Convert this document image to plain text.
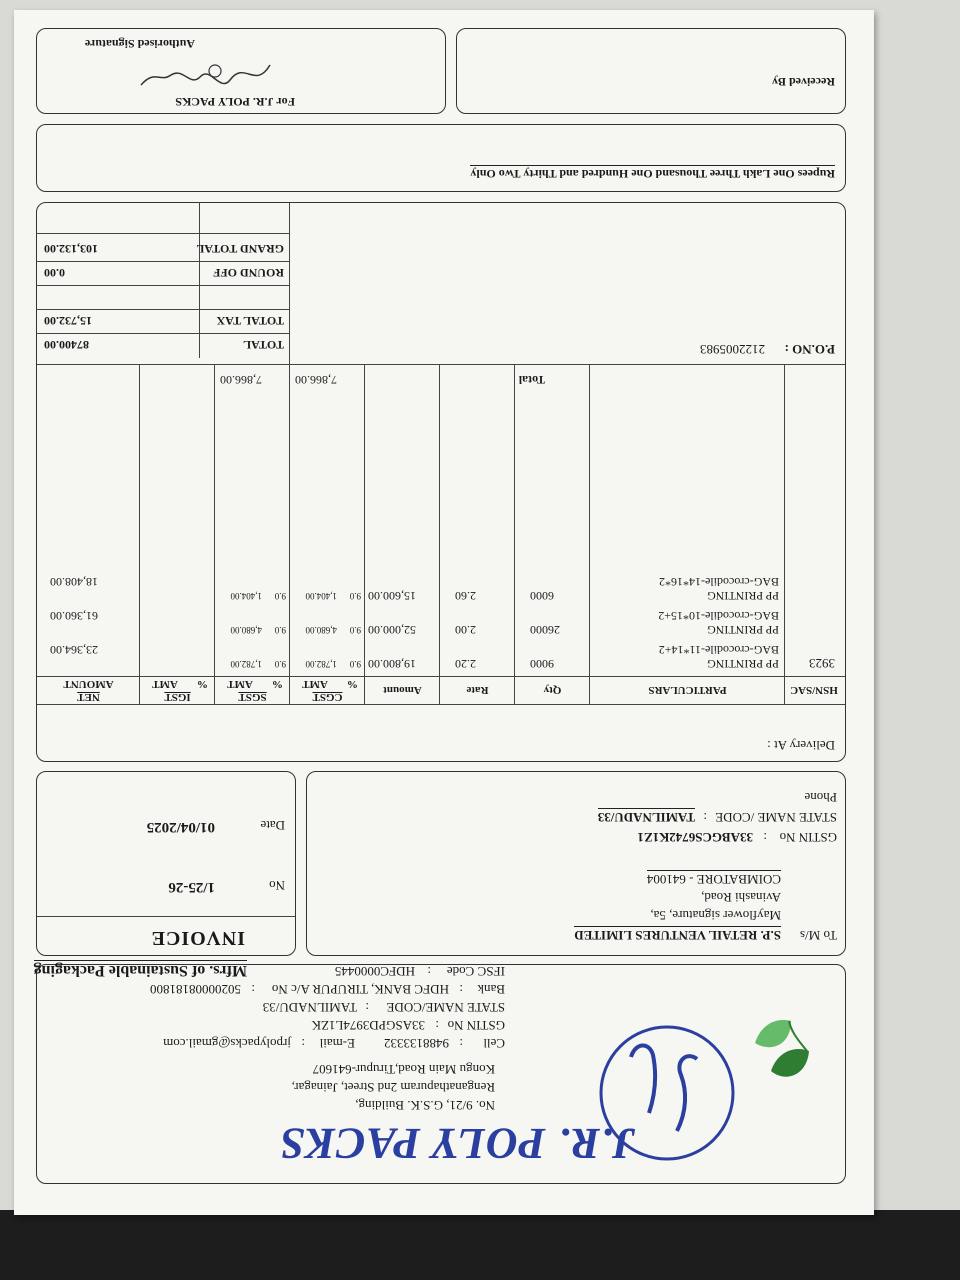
J.R. POLY PACKS
No. 9/21, G.S.K. Building,
Renganathapuram 2nd Street, Jainagar,
Kongu Main Road,Tirupur-641607
Cell
:
9488133332
E-mail
:
jrpolypacks@gmail.com
GSTIN No
:
33ASGPD3974L1ZK
STATE NAME/CODE
:
TAMILNADU/33
Bank
:
HDFC BANK, TIRUPUR A/c No
:
50200008181800
IFSC Code
:
HDFC0000445
Mfrs. of Sustainable Packaging
To M/s
S.P. RETAIL VENTURES LIMITED
Mayflower signature, 5a,
Avinashi Road,
COIMBATORE - 641004
GSTIN No
:
33ABGCS6742K1Z1
STATE NAME /CODE
:
TAMILNADU/33
Phone
INVOICE
No
1/25-26
Date
01/04/2025
Delivery At :
HSN/SAC
PARTICULARS
Qty
Rate
Amount
CGST
%
AMT
SGST
%
AMT
IGST
%
AMT
NET
AMOUNT
3923
PP PRINTING
BAG-crocodile-11*14+2
9000
2.20
19,800.00
9.0
1,782.00
9.0
1,782.00
23,364.00
PP PRINTING
BAG-crocodile-10*15+2
26000
2.00
52,000.00
9.0
4,680.00
9.0
4,680.00
61,360.00
PP PRINTING
BAG-crocodile-14*16*2
6000
2.60
15,600.00
9.0
1,404.00
9.0
1,404.00
18,408.00
Total
7,866.00
7,866.00
P.O.NO :
2122005983
TOTAL
87400.00
TOTAL TAX
15,732.00
ROUND OFF
0.00
GRAND TOTAL
103,132.00
Rupees One Lakh Three Thousand One Hundred and Thirty Two Only
Received By
For J.R. POLY PACKS
Authorised Signature
